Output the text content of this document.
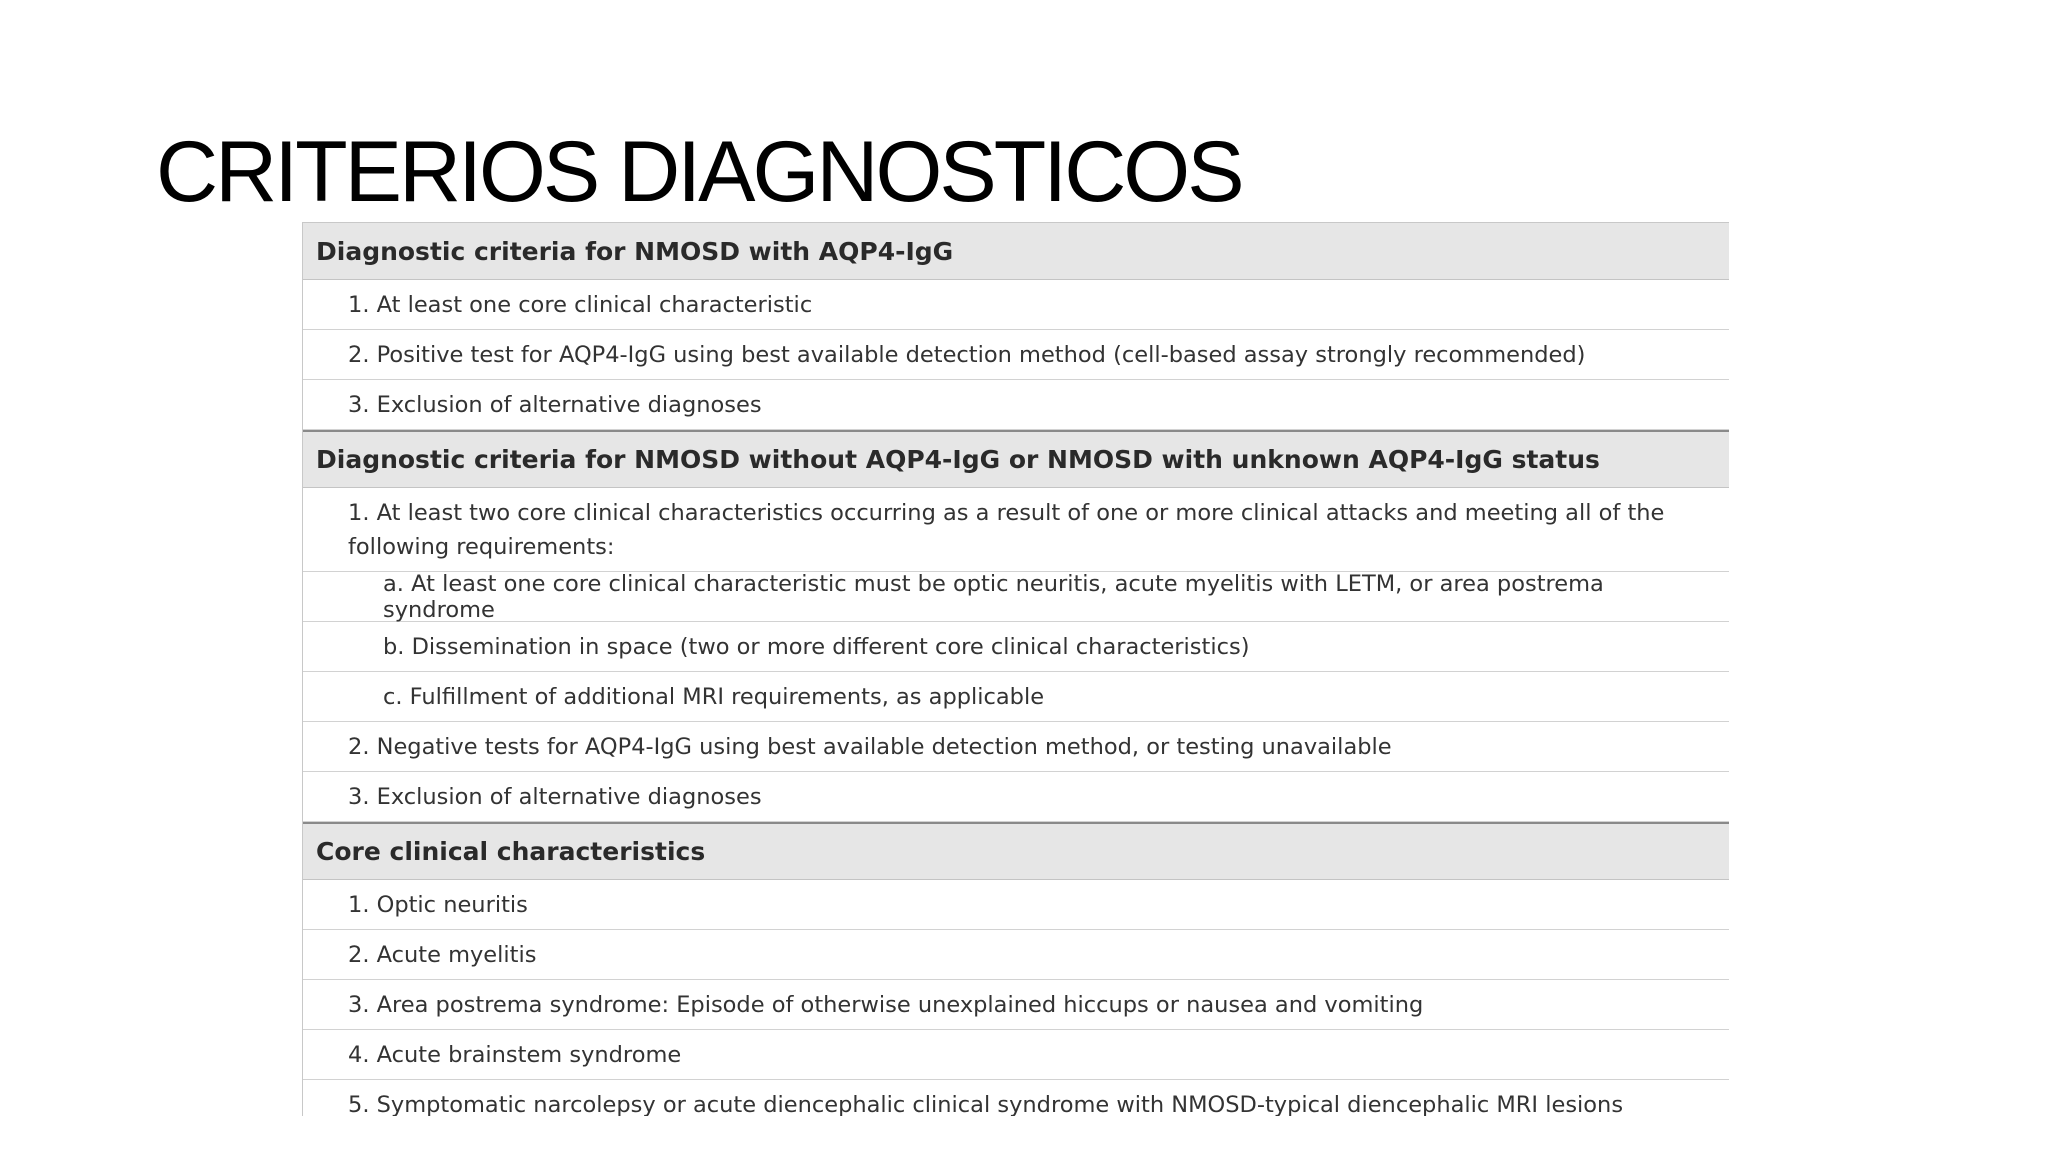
CRITERIOS DIAGNOSTICOS
Diagnostic criteria for NMOSD with AQP4-IgG
1. At least one core clinical characteristic
2. Positive test for AQP4-IgG using best available detection method (cell-based assay strongly recommended)
3. Exclusion of alternative diagnoses
Diagnostic criteria for NMOSD without AQP4-IgG or NMOSD with unknown AQP4-IgG status
1. At least two core clinical characteristics occurring as a result of one or more clinical attacks and meeting all of the following requirements:
a. At least one core clinical characteristic must be optic neuritis, acute myelitis with LETM, or area postrema syndrome
b. Dissemination in space (two or more different core clinical characteristics)
c. Fulfillment of additional MRI requirements, as applicable
2. Negative tests for AQP4-IgG using best available detection method, or testing unavailable
3. Exclusion of alternative diagnoses
Core clinical characteristics
1. Optic neuritis
2. Acute myelitis
3. Area postrema syndrome: Episode of otherwise unexplained hiccups or nausea and vomiting
4. Acute brainstem syndrome
5. Symptomatic narcolepsy or acute diencephalic clinical syndrome with NMOSD-typical diencephalic MRI lesions
